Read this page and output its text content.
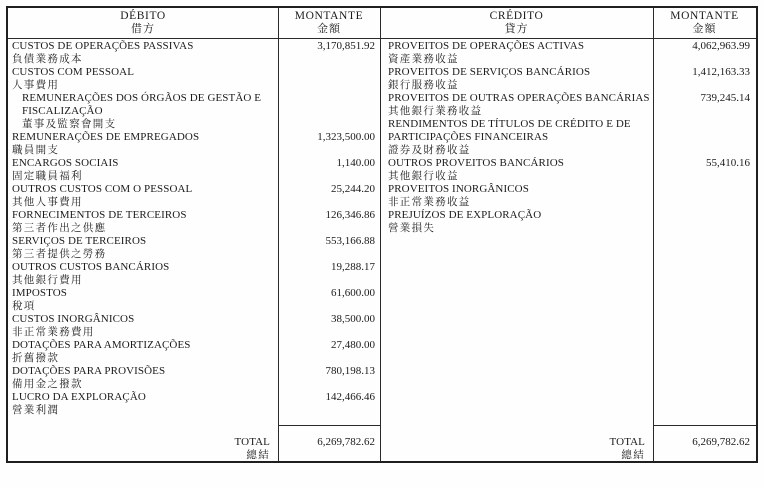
DÉBITO
借方
MONTANTE
金額
CRÉDITO
貸方
MONTANTE
金額
CUSTOS DE OPERAÇÕES PASSIVAS
負債業務成本
CUSTOS COM PESSOAL
人事費用
REMUNERAÇÕES DOS ÓRGÃOS DE GESTÃO E
FISCALIZAÇÃO
董事及監察會開支
REMUNERAÇÕES DE EMPREGADOS
職員開支
ENCARGOS SOCIAIS
固定職員福利
OUTROS CUSTOS COM O PESSOAL
其他人事費用
FORNECIMENTOS DE TERCEIROS
第三者作出之供應
SERVIÇOS DE TERCEIROS
第三者提供之勞務
OUTROS CUSTOS BANCÁRIOS
其他銀行費用
IMPOSTOS
稅項
CUSTOS INORGÂNICOS
非正常業務費用
DOTAÇÕES PARA AMORTIZAÇÕES
折舊撥款
DOTAÇÕES PARA PROVISÕES
備用金之撥款
LUCRO DA EXPLORAÇÃO
營業利潤
3,170,851.92
1,323,500.00
1,140.00
25,244.20
126,346.86
553,166.88
19,288.17
61,600.00
38,500.00
27,480.00
780,198.13
142,466.46
PROVEITOS DE OPERAÇÕES ACTIVAS
資產業務收益
PROVEITOS DE SERVIÇOS BANCÁRIOS
銀行服務收益
PROVEITOS DE OUTRAS OPERAÇÕES BANCÁRIAS
其他銀行業務收益
RENDIMENTOS DE TÍTULOS DE CRÉDITO E DE
PARTICIPAÇÕES FINANCEIRAS
證券及財務收益
OUTROS PROVEITOS BANCÁRIOS
其他銀行收益
PROVEITOS INORGÂNICOS
非正常業務收益
PREJUÍZOS DE EXPLORAÇÃO
營業損失
4,062,963.99
1,412,163.33
739,245.14
55,410.16
TOTAL
總結
6,269,782.62	TOTAL
總結
6,269,782.62
